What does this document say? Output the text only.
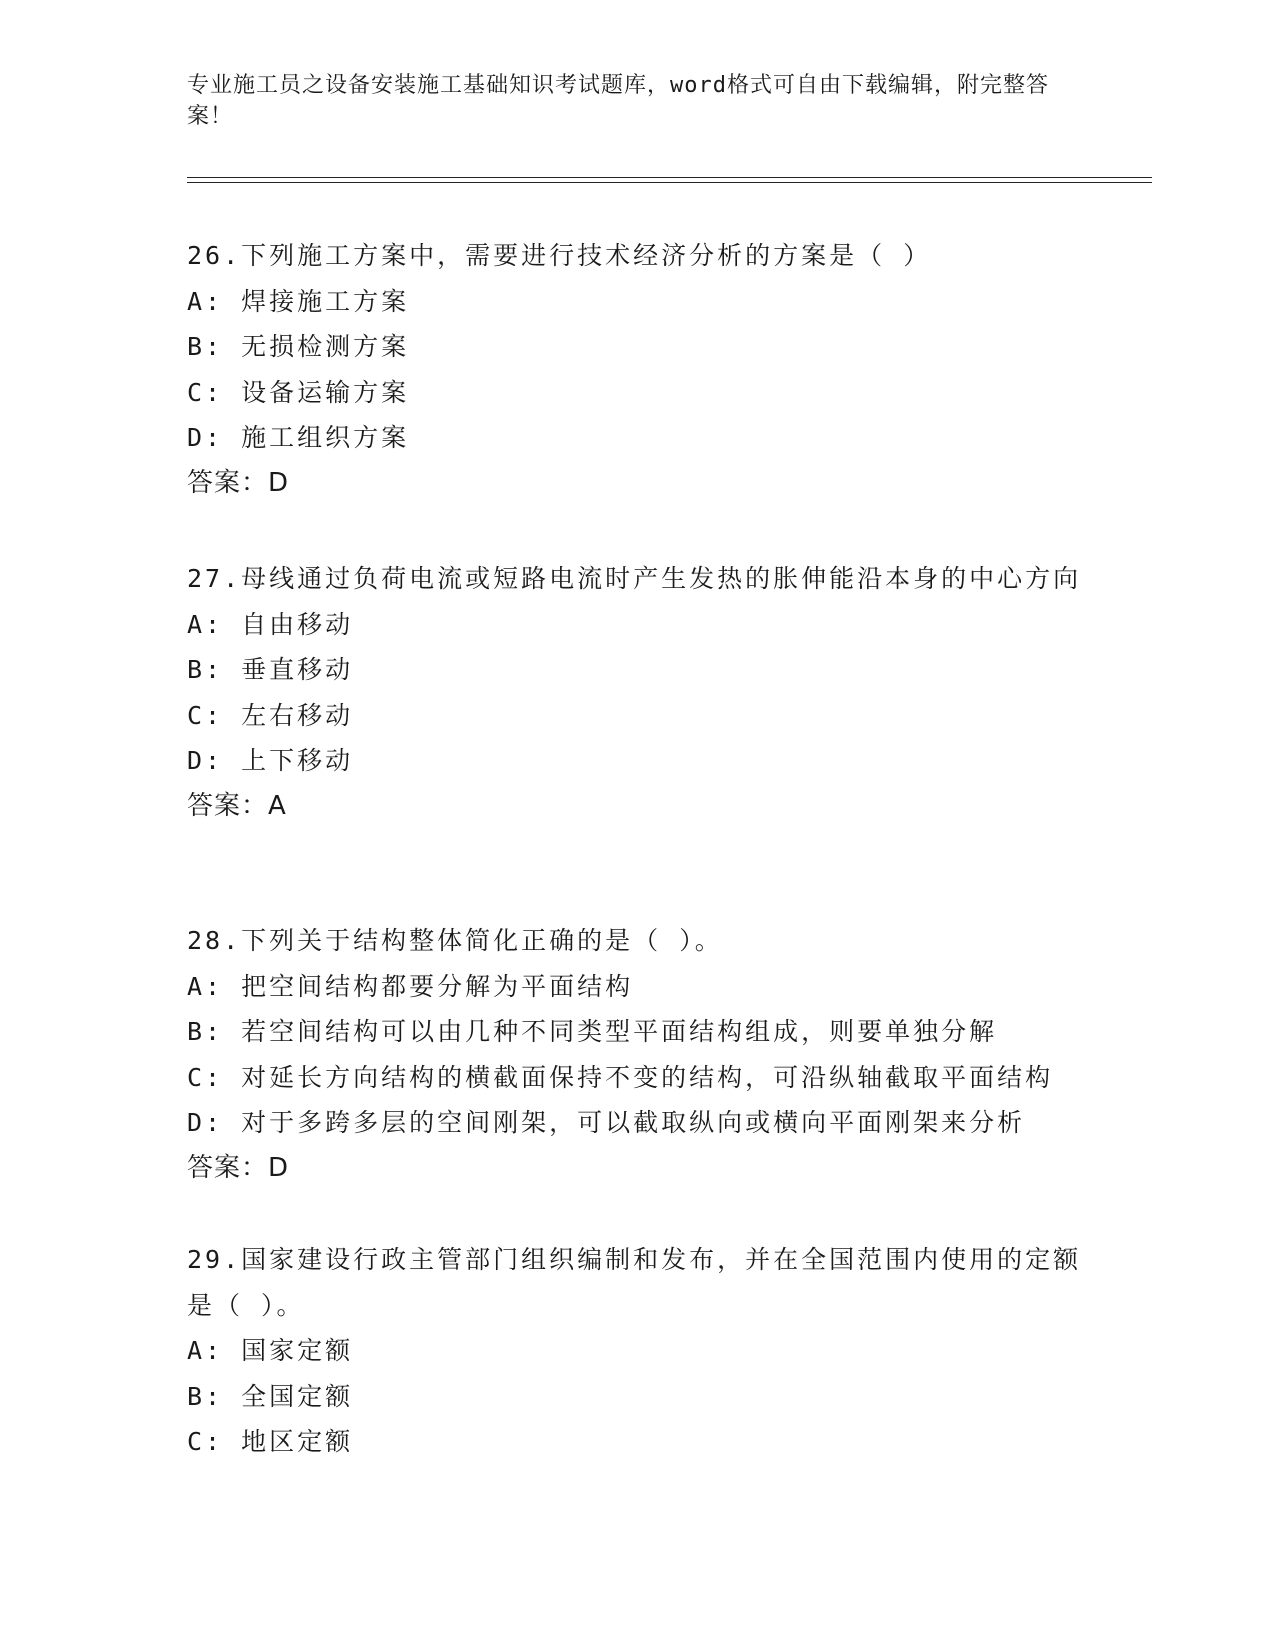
专业施工员之设备安装施工基础知识考试题库，word格式可自由下载编辑，附完整答案！
26.下列施工方案中，需要进行技术经济分析的方案是（ ）
A: 焊接施工方案
B: 无损检测方案
C: 设备运输方案
D: 施工组织方案
答案：D
27.母线通过负荷电流或短路电流时产生发热的胀伸能沿本身的中心方向
A: 自由移动
B: 垂直移动
C: 左右移动
D: 上下移动
答案：A
28.下列关于结构整体简化正确的是（ ）。
A: 把空间结构都要分解为平面结构
B: 若空间结构可以由几种不同类型平面结构组成，则要单独分解
C: 对延长方向结构的横截面保持不变的结构，可沿纵轴截取平面结构
D: 对于多跨多层的空间刚架，可以截取纵向或横向平面刚架来分析
答案：D
29.国家建设行政主管部门组织编制和发布，并在全国范围内使用的定额是（ ）。
A: 国家定额
B: 全国定额
C: 地区定额
